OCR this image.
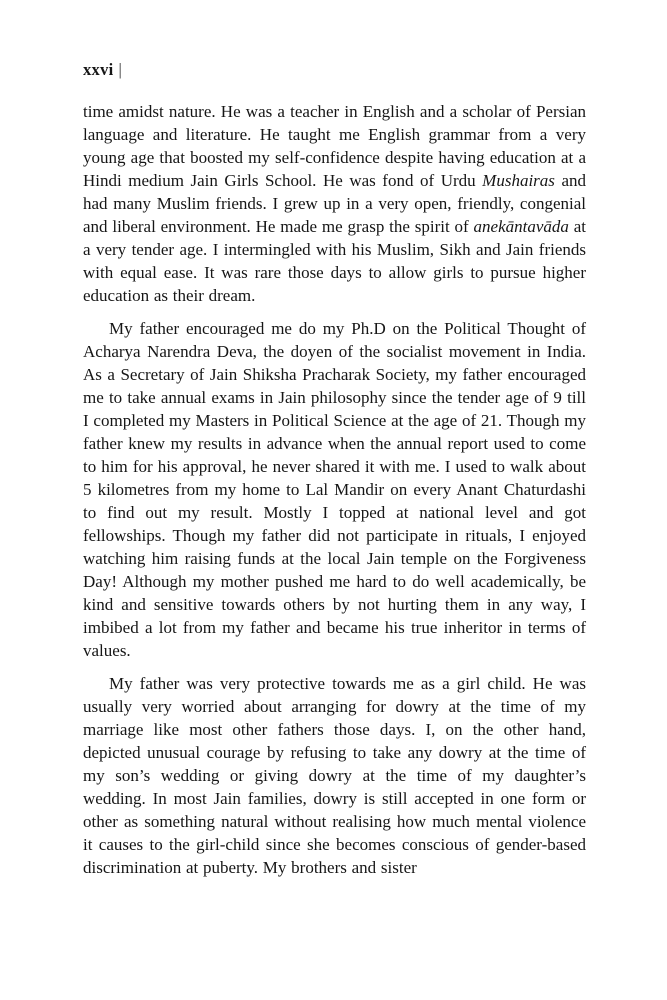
xxvi |

time amidst nature. He was a teacher in English and a scholar of Persian language and literature. He taught me English grammar from a very young age that boosted my self-confidence despite having education at a Hindi medium Jain Girls School. He was fond of Urdu Mushairas and had many Muslim friends. I grew up in a very open, friendly, congenial and liberal environment. He made me grasp the spirit of anekāntavāda at a very tender age. I intermingled with his Muslim, Sikh and Jain friends with equal ease. It was rare those days to allow girls to pursue higher education as their dream.

My father encouraged me do my Ph.D on the Political Thought of Acharya Narendra Deva, the doyen of the socialist movement in India. As a Secretary of Jain Shiksha Pracharak Society, my father encouraged me to take annual exams in Jain philosophy since the tender age of 9 till I completed my Masters in Political Science at the age of 21. Though my father knew my results in advance when the annual report used to come to him for his approval, he never shared it with me. I used to walk about 5 kilometres from my home to Lal Mandir on every Anant Chaturdashi to find out my result. Mostly I topped at national level and got fellowships. Though my father did not participate in rituals, I enjoyed watching him raising funds at the local Jain temple on the Forgiveness Day! Although my mother pushed me hard to do well academically, be kind and sensitive towards others by not hurting them in any way, I imbibed a lot from my father and became his true inheritor in terms of values.

My father was very protective towards me as a girl child. He was usually very worried about arranging for dowry at the time of my marriage like most other fathers those days. I, on the other hand, depicted unusual courage by refusing to take any dowry at the time of my son’s wedding or giving dowry at the time of my daughter’s wedding. In most Jain families, dowry is still accepted in one form or other as something natural without realising how much mental violence it causes to the girl-child since she becomes conscious of gender-based discrimination at puberty. My brothers and sister
